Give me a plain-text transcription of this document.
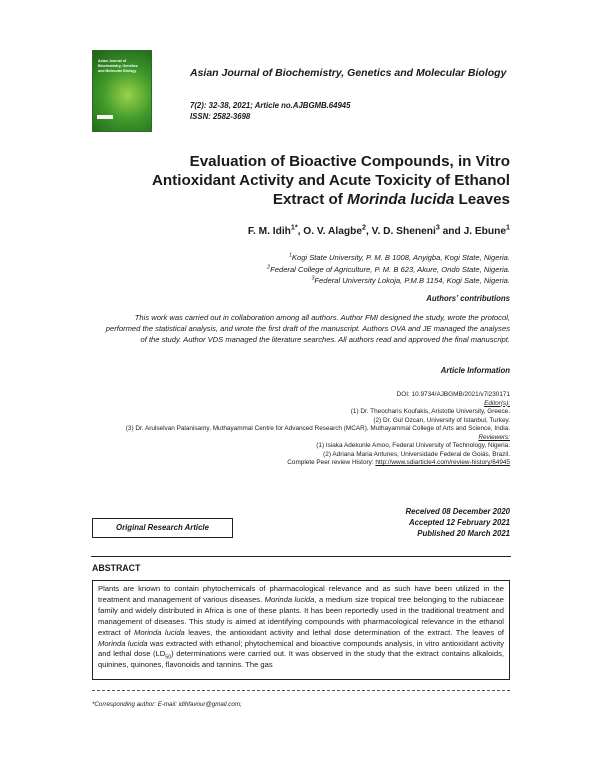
Asian Journal of
Biochemistry, Genetics
and Molecular Biology	Asian Journal of Biochemistry, Genetics and Molecular Biology
7(2): 32-38, 2021; Article no.AJBGMB.64945
ISSN: 2582-3698
Evaluation of Bioactive Compounds, in Vitro
Antioxidant Activity and Acute Toxicity of Ethanol
Extract of Morinda lucida Leaves
F. M. Idih$^{1*}$, O. V. Alagbe$^2$, V. D. Sheneni$^3$ and J. Ebune$^1$
$^1$Kogi State University, P. M. B 1008, Anyigba, Kogi State, Nigeria.
$^2$Federal College of Agriculture, P. M. B 623, Akure, Ondo State, Nigeria.
$^3$Federal University Lokoja, P.M.B 1154, Kogi Sate, Nigeria.
Authors’ contributions
This work was carried out in collaboration among all authors. Author FMI designed the study, wrote the protocol, performed the statistical analysis, and wrote the first draft of the manuscript. Authors OVA and JE managed the analyses of the study. Author VDS managed the literature searches. All authors read and approved the final manuscript.
Article Information
DOI: 10.9734/AJBGMB/2021/v7i230171
Editor(s):
(1) Dr. Theocharis Koufakis, Aristotle University, Greece.
(2) Dr. Gul Ozcan, University of Istanbul, Turkey.
(3) Dr. Arulselvan Palanisamy, Muthayammal Centre for Advanced Research (MCAR), Muthayammal College of Arts and Science, India.
Reviewers:
(1) Isiaka Adekunle Amoo, Federal University of Technology, Nigeria.
(2) Adriana Maria Antunes, Universidade Federal de Goiás, Brazil.
Complete Peer review History: http://www.sdiarticle4.com/review-history/64945
Received 08 December 2020
Accepted 12 February 2021
Published 20 March 2021
Original Research Article
ABSTRACT
Plants are known to contain phytochemicals of pharmacological relevance and as such have been utilized in the treatment and management of various diseases. Morinda lucida, a medium size tropical tree belonging to the rubiaceae family and widely distributed in Africa is one of these plants. It has been reportedly used in the traditional treatment and management of diseases. This study is aimed at identifying compounds with pharmacological relevance in the ethanol extract of Morinda lucida leaves, the antioxidant activity and lethal dose determination of the extract. The leaves of Morinda lucida was extracted with ethanol; phytochemical and bioactive compounds analysis, in vitro antioxidant activity and lethal dose $(LD_{50})$ determinations were carried out. It was observed in the study that the extract contains alkaloids, quinines, quinones, flavonoids and tannins. The gas
*Corresponding author: E-mail: idihfavour@gmail.com;
